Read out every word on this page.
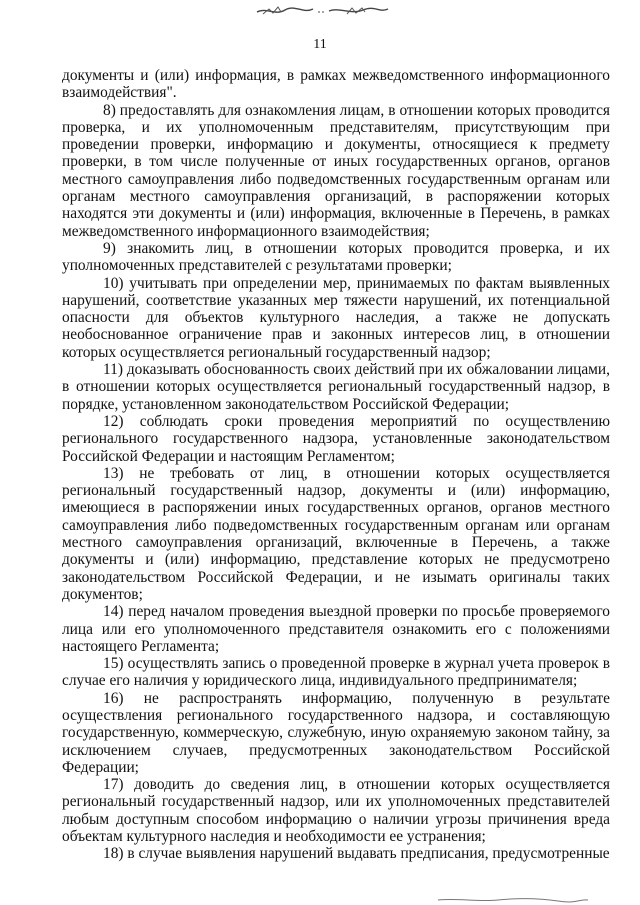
11

документы и (или) информация, в рамках межведомственного информационного взаимодействия".

8) предоставлять для ознакомления лицам, в отношении которых проводится проверка, и их уполномоченным представителям, присутствующим при проведении проверки, информацию и документы, относящиеся к предмету проверки, в том числе полученные от иных государственных органов, органов местного самоуправления либо подведомственных государственным органам или органам местного самоуправления организаций, в распоряжении которых находятся эти документы и (или) информация, включенные в Перечень, в рамках межведомственного информационного взаимодействия;

9) знакомить лиц, в отношении которых проводится проверка, и их уполномоченных представителей с результатами проверки;

10) учитывать при определении мер, принимаемых по фактам выявленных нарушений, соответствие указанных мер тяжести нарушений, их потенциальной опасности для объектов культурного наследия, а также не допускать необоснованное ограничение прав и законных интересов лиц, в отношении которых осуществляется региональный государственный надзор;

11) доказывать обоснованность своих действий при их обжаловании лицами, в отношении которых осуществляется региональный государственный надзор, в порядке, установленном законодательством Российской Федерации;

12) соблюдать сроки проведения мероприятий по осуществлению регионального государственного надзора, установленные законодательством Российской Федерации и настоящим Регламентом;

13) не требовать от лиц, в отношении которых осуществляется региональный государственный надзор, документы и (или) информацию, имеющиеся в распоряжении иных государственных органов, органов местного самоуправления либо подведомственных государственным органам или органам местного самоуправления организаций, включенные в Перечень, а также документы и (или) информацию, представление которых не предусмотрено законодательством Российской Федерации, и не изымать оригиналы таких документов;

14) перед началом проведения выездной проверки по просьбе проверяемого лица или его уполномоченного представителя ознакомить его с положениями настоящего Регламента;

15) осуществлять запись о проведенной проверке в журнал учета проверок в случае его наличия у юридического лица, индивидуального предпринимателя;

16) не распространять информацию, полученную в результате осуществления регионального государственного надзора, и составляющую государственную, коммерческую, служебную, иную охраняемую законом тайну, за исключением случаев, предусмотренных законодательством Российской Федерации;

17) доводить до сведения лиц, в отношении которых осуществляется региональный государственный надзор, или их уполномоченных представителей любым доступным способом информацию о наличии угрозы причинения вреда объектам культурного наследия и необходимости ее устранения;

18) в случае выявления нарушений выдавать предписания, предусмотренные
